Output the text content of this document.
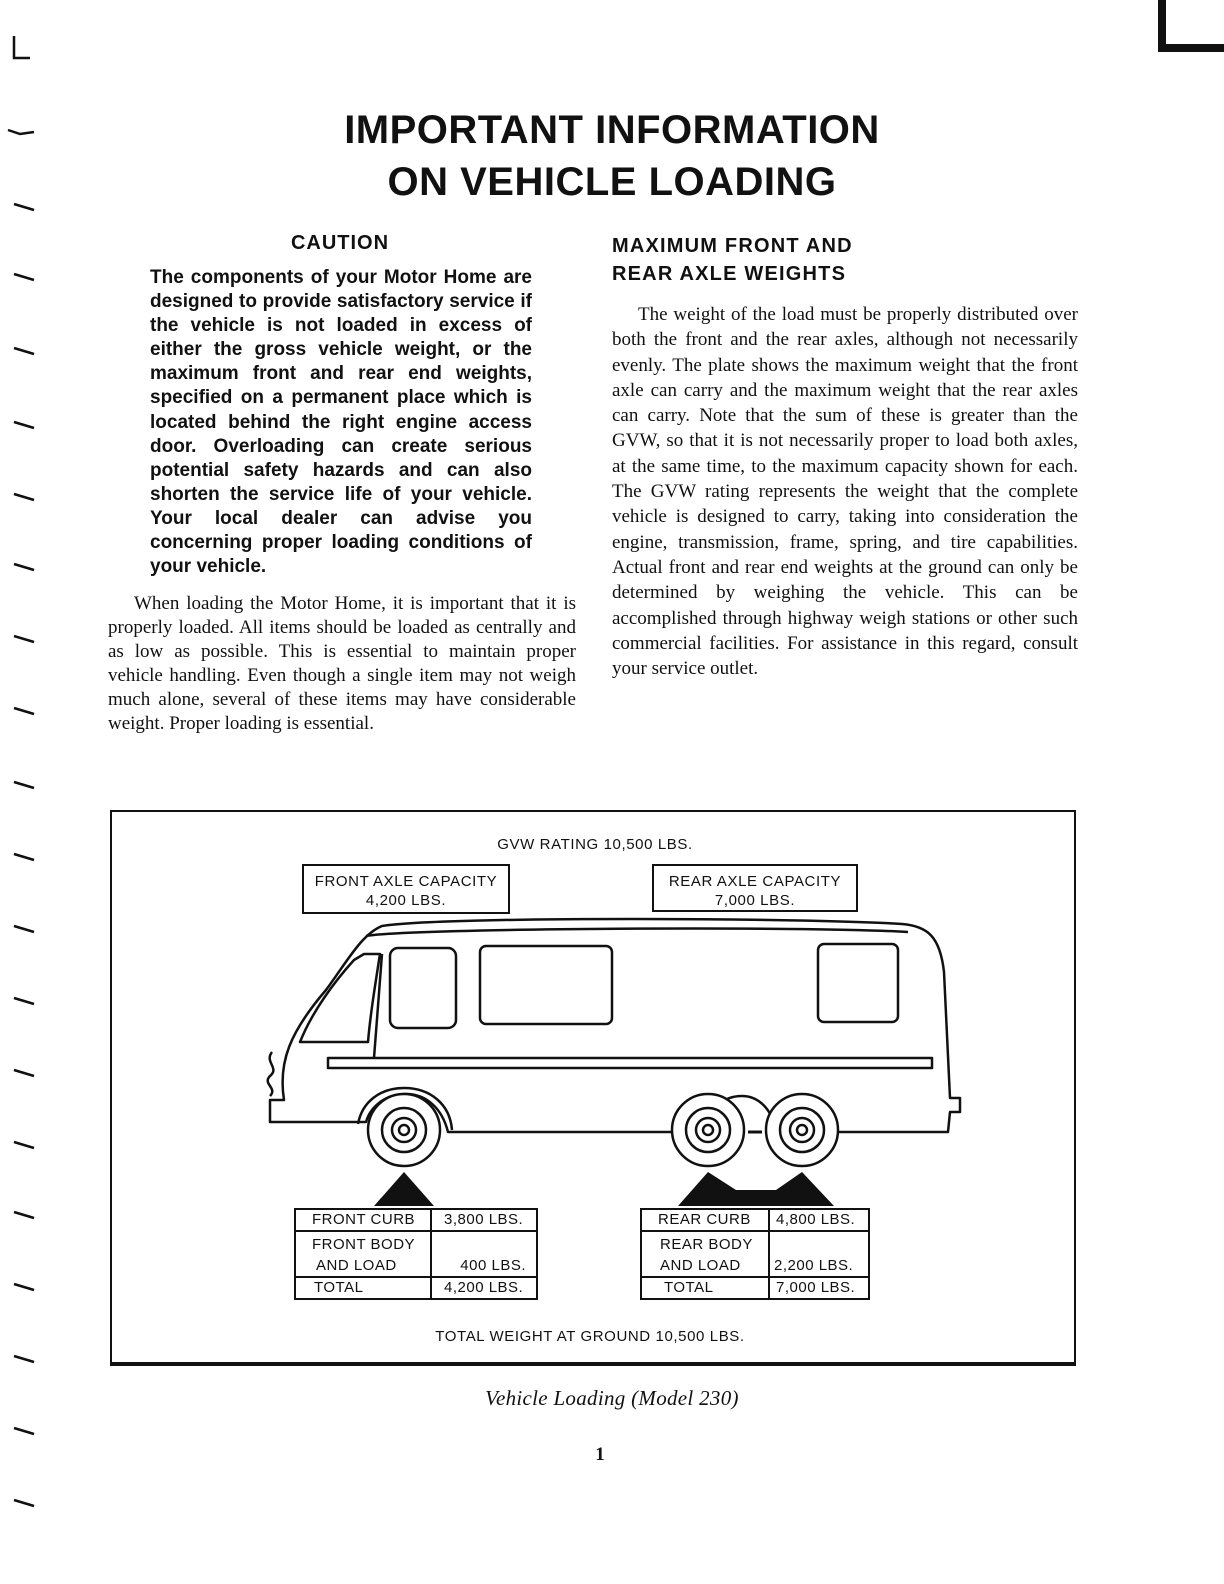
IMPORTANT INFORMATION
ON VEHICLE LOADING
CAUTION
The components of your Motor Home are designed to provide satisfactory service if the vehicle is not loaded in excess of either the gross vehicle weight, or the maximum front and rear end weights, specified on a permanent place which is located behind the right engine access door. Overloading can create serious potential safety hazards and can also shorten the service life of your vehicle. Your local dealer can advise you concerning proper loading conditions of your vehicle.
When loading the Motor Home, it is important that it is properly loaded. All items should be loaded as centrally and as low as possible. This is essential to maintain proper vehicle handling. Even though a single item may not weigh much alone, several of these items may have considerable weight. Proper loading is essential.
MAXIMUM FRONT AND
REAR AXLE WEIGHTS
The weight of the load must be properly distributed over both the front and the rear axles, although not necessarily evenly. The plate shows the maximum weight that the front axle can carry and the maximum weight that the rear axles can carry. Note that the sum of these is greater than the GVW, so that it is not necessarily proper to load both axles, at the same time, to the maximum capacity shown for each. The GVW rating represents the weight that the complete vehicle is designed to carry, taking into consideration the engine, transmission, frame, spring, and tire capabilities. Actual front and rear end weights at the ground can only be determined by weighing the vehicle. This can be accomplished through highway weigh stations or other such commercial facilities. For assistance in this regard, consult your service outlet.
GVW RATING 10,500 LBS.
FRONT AXLE CAPACITY
4,200 LBS.
REAR AXLE CAPACITY
7,000 LBS.
FRONT CURB	3,800 LBS.

FRONT BODY
AND LOAD	400 LBS.
TOTAL	4,200 LBS.
REAR CURB	4,800 LBS.

REAR BODY
AND LOAD	2,200 LBS.
TOTAL	7,000 LBS.
TOTAL WEIGHT AT GROUND 10,500 LBS.
Vehicle Loading (Model 230)
1
